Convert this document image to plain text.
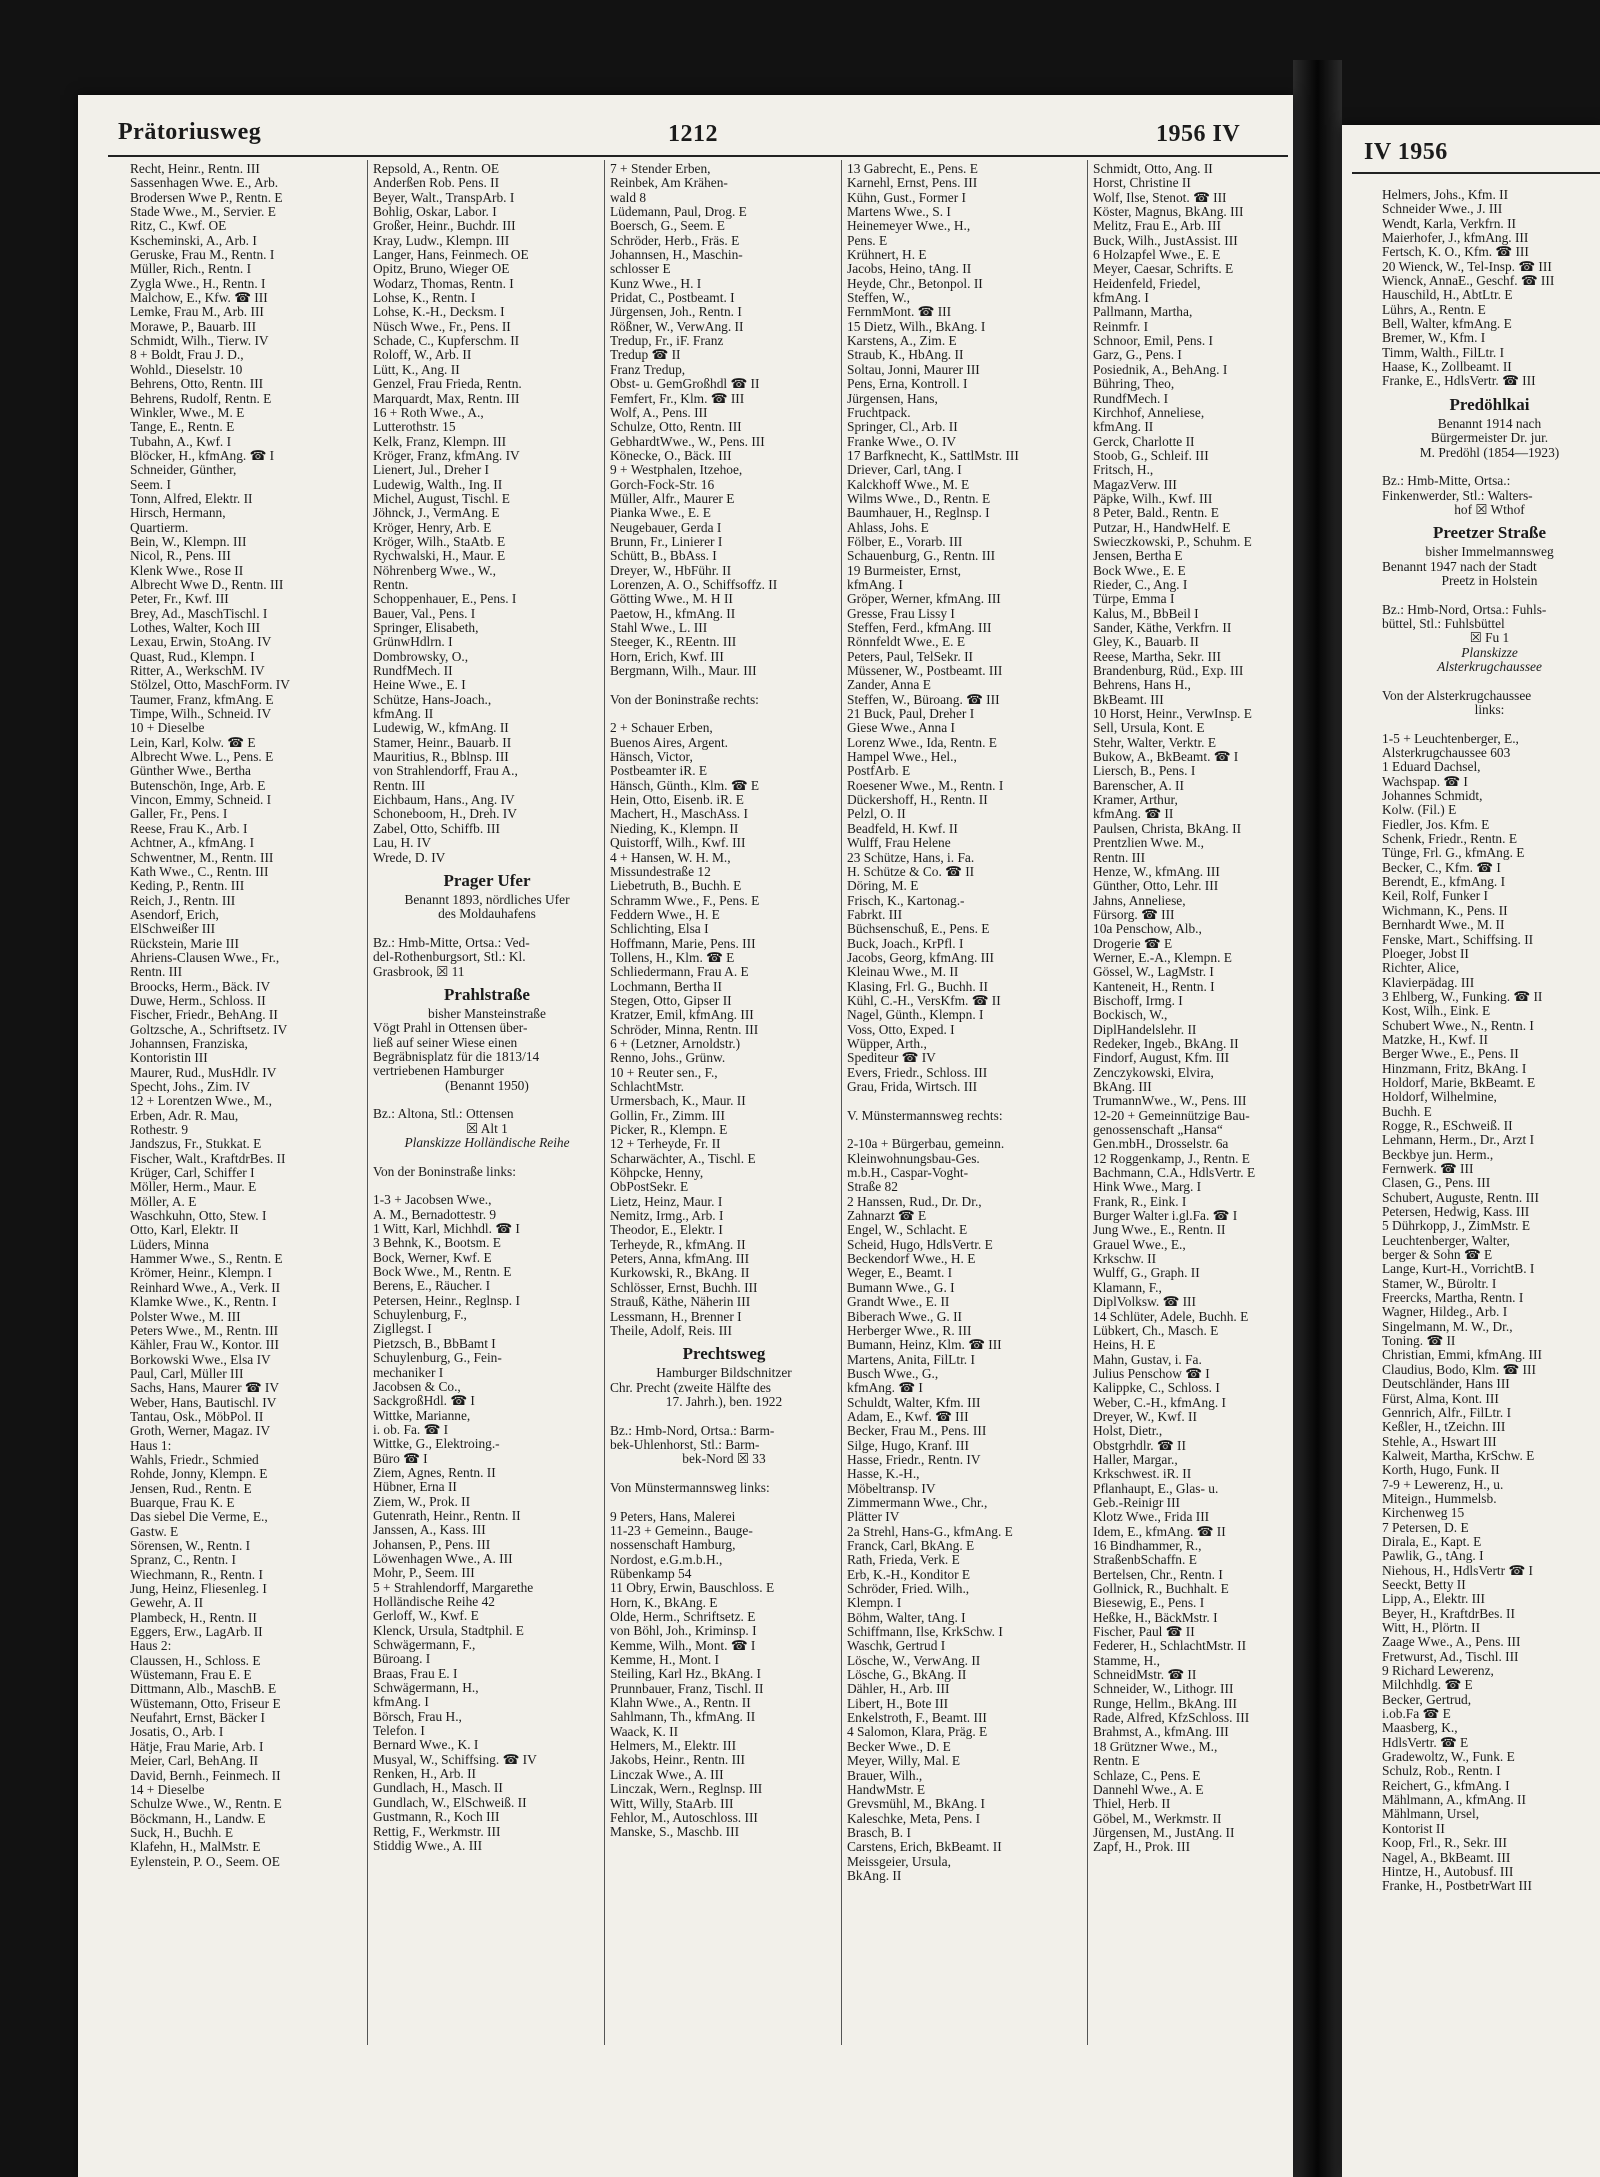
Prätoriusweg	1212	1956 IV
IV 1956
Recht, Heinr., Rentn. III
Sassenhagen Wwe. E., Arb.
Brodersen Wwe P., Rentn. E
Stade Wwe., M., Servier. E
Ritz, C., Kwf. OE
Kscheminski, A., Arb. I
Geruske, Frau M., Rentn. I
Müller, Rich., Rentn. I
Zygla Wwe., H., Rentn. I
Malchow, E., Kfw. ☎ III
Lemke, Frau M., Arb. III
Morawe, P., Bauarb. III
Schmidt, Wilh., Tierw. IV
8 + Boldt, Frau J. D.,
Wohld., Dieselstr. 10
Behrens, Otto, Rentn. III
Behrens, Rudolf, Rentn. E
Winkler, Wwe., M. E
Tange, E., Rentn. E
Tubahn, A., Kwf. I
Blöcker, H., kfmAng. ☎ I
Schneider, Günther,
Seem. I
Tonn, Alfred, Elektr. II
Hirsch, Hermann,
Quartierm.
Bein, W., Klempn. III
Nicol, R., Pens. III
Klenk Wwe., Rose II
Albrecht Wwe D., Rentn. III
Peter, Fr., Kwf. III
Brey, Ad., MaschTischl. I
Lothes, Walter, Koch III
Lexau, Erwin, StoAng. IV
Quast, Rud., Klempn. I
Ritter, A., WerkschM. IV
Stölzel, Otto, MaschForm. IV
Taumer, Franz, kfmAng. E
Timpe, Wilh., Schneid. IV
10 + Dieselbe
Lein, Karl, Kolw. ☎ E
Albrecht Wwe. L., Pens. E
Günther Wwe., Bertha
Butenschön, Inge, Arb. E
Vincon, Emmy, Schneid. I
Galler, Fr., Pens. I
Reese, Frau K., Arb. I
Achtner, A., kfmAng. I
Schwentner, M., Rentn. III
Kath Wwe., C., Rentn. III
Keding, P., Rentn. III
Reich, J., Rentn. III
Asendorf, Erich,
ElSchweißer III
Rückstein, Marie III
Ahriens-Clausen Wwe., Fr.,
Rentn. III
Broocks, Herm., Bäck. IV
Duwe, Herm., Schloss. II
Fischer, Friedr., BehAng. II
Goltzsche, A., Schriftsetz. IV
Johannsen, Franziska,
Kontoristin III
Maurer, Rud., MusHdlr. IV
Specht, Johs., Zim. IV
12 + Lorentzen Wwe., M.,
Erben, Adr. R. Mau,
Rothestr. 9
Jandszus, Fr., Stukkat. E
Fischer, Walt., KraftdrBes. II
Krüger, Carl, Schiffer I
Möller, Herm., Maur. E
Möller, A. E
Waschkuhn, Otto, Stew. I
Otto, Karl, Elektr. II
Lüders, Minna
Hammer Wwe., S., Rentn. E
Krömer, Heinr., Klempn. I
Reinhard Wwe., A., Verk. II
Klamke Wwe., K., Rentn. I
Polster Wwe., M. III
Peters Wwe., M., Rentn. III
Kähler, Frau W., Kontor. III
Borkowski Wwe., Elsa IV
Paul, Carl, Müller III
Sachs, Hans, Maurer ☎ IV
Weber, Hans, Bautischl. IV
Tantau, Osk., MöbPol. II
Groth, Werner, Magaz. IV
Haus 1:
Wahls, Friedr., Schmied
Rohde, Jonny, Klempn. E
Jensen, Rud., Rentn. E
Buarque, Frau K. E
Das siebel Die Verme, E.,
Gastw. E
Sörensen, W., Rentn. I
Spranz, C., Rentn. I
Wiechmann, R., Rentn. I
Jung, Heinz, Fliesenleg. I
Gewehr, A. II
Plambeck, H., Rentn. II
Eggers, Erw., LagArb. II
Haus 2:
Claussen, H., Schloss. E
Wüstemann, Frau E. E
Dittmann, Alb., MaschB. E
Wüstemann, Otto, Friseur E
Neufahrt, Ernst, Bäcker I
Josatis, O., Arb. I
Hätje, Frau Marie, Arb. I
Meier, Carl, BehAng. II
David, Bernh., Feinmech. II
14 + Dieselbe
Schulze Wwe., W., Rentn. E
Böckmann, H., Landw. E
Suck, H., Buchh. E
Klafehn, H., MalMstr. E
Eylenstein, P. O., Seem. OE
Repsold, A., Rentn. OE
Anderßen Rob. Pens. II
Beyer, Walt., TranspArb. I
Bohlig, Oskar, Labor. I
Großer, Heinr., Buchdr. III
Kray, Ludw., Klempn. III
Langer, Hans, Feinmech. OE
Opitz, Bruno, Wieger OE
Wodarz, Thomas, Rentn. I
Lohse, K., Rentn. I
Lohse, K.-H., Decksm. I
Nüsch Wwe., Fr., Pens. II
Schade, C., Kupferschm. II
Roloff, W., Arb. II
Lütt, K., Ang. II
Genzel, Frau Frieda, Rentn.
Marquardt, Max, Rentn. III
16 + Roth Wwe., A.,
Lutterothstr. 15
Kelk, Franz, Klempn. III
Kröger, Franz, kfmAng. IV
Lienert, Jul., Dreher I
Ludewig, Walth., Ing. II
Michel, August, Tischl. E
Jöhnck, J., VermAng. E
Kröger, Henry, Arb. E
Kröger, Wilh., StaAtb. E
Rychwalski, H., Maur. E
Nöhrenberg Wwe., W.,
Rentn.
Schoppenhauer, E., Pens. I
Bauer, Val., Pens. I
Springer, Elisabeth,
GrünwHdlrn. I
Dombrowsky, O.,
RundfMech. II
Heine Wwe., E. I
Schütze, Hans-Joach.,
kfmAng. II
Ludewig, W., kfmAng. II
Stamer, Heinr., Bauarb. II
Mauritius, R., Bblnsp. III
von Strahlendorff, Frau A.,
Rentn. III
Eichbaum, Hans., Ang. IV
Schoneboom, H., Dreh. IV
Zabel, Otto, Schiffb. III
Lau, H. IV
Wrede, D. IV
Prager Ufer
Benannt 1893, nördliches Ufer
des Moldauhafens

Bz.: Hmb-Mitte, Ortsa.: Ved-
del-Rothenburgsort, Stl.: Kl.
Grasbrook, ☒ 11
Prahlstraße
bisher Mansteinstraße
Vögt Prahl in Ottensen über-
ließ auf seiner Wiese einen
Begräbnisplatz für die 1813/14
vertriebenen Hamburger
(Benannt 1950)

Bz.: Altona, Stl.: Ottensen
☒ Alt 1
Planskizze Holländische Reihe

Von der Boninstraße links:

1-3 + Jacobsen Wwe.,
A. M., Bernadottestr. 9
1 Witt, Karl, Michhdl. ☎ I
3 Behnk, K., Bootsm. E
Bock, Werner, Kwf. E
Bock Wwe., M., Rentn. E
Berens, E., Räucher. I
Petersen, Heinr., Reglnsp. I
Schuylenburg, F.,
Zigllegst. I
Pietzsch, B., BbBamt I
Schuylenburg, G., Fein-
mechaniker I
Jacobsen & Co.,
SackgroßHdl. ☎ I
Wittke, Marianne,
i. ob. Fa. ☎ I
Wittke, G., Elektroing.-
Büro ☎ I
Ziem, Agnes, Rentn. II
Hübner, Erna II
Ziem, W., Prok. II
Gutenrath, Heinr., Rentn. II
Janssen, A., Kass. III
Johansen, P., Pens. III
Löwenhagen Wwe., A. III
Mohr, P., Seem. III
5 + Strahlendorff, Margarethe
Holländische Reihe 42
Gerloff, W., Kwf. E
Klenck, Ursula, Stadtphil. E
Schwägermann, F.,
Büroang. I
Braas, Frau E. I
Schwägermann, H.,
kfmAng. I
Börsch, Frau H.,
Telefon. I
Bernard Wwe., K. I
Musyal, W., Schiffsing. ☎ IV
Renken, H., Arb. II
Gundlach, H., Masch. II
Gundlach, W., ElSchweiß. II
Gustmann, R., Koch III
Rettig, F., Werkmstr. III
Stiddig Wwe., A. III
7 + Stender Erben,
Reinbek, Am Krähen-
wald 8
Lüdemann, Paul, Drog. E
Boersch, G., Seem. E
Schröder, Herb., Fräs. E
Johannsen, H., Maschin-
schlosser E
Kunz Wwe., H. I
Pridat, C., Postbeamt. I
Jürgensen, Joh., Rentn. I
Rößner, W., VerwAng. II
Tredup, Fr., iF. Franz
Tredup ☎ II
Franz Tredup,
Obst- u. GemGroßhdl ☎ II
Femfert, Fr., Klm. ☎ III
Wolf, A., Pens. III
Schulze, Otto, Rentn. III
GebhardtWwe., W., Pens. III
Könecke, O., Bäck. III
9 + Westphalen, Itzehoe,
Gorch-Fock-Str. 16
Müller, Alfr., Maurer E
Pianka Wwe., E. E
Neugebauer, Gerda I
Brunn, Fr., Linierer I
Schütt, B., BbAss. I
Dreyer, W., HbFühr. II
Lorenzen, A. O., Schiffsoffz. II
Götting Wwe., M. H II
Paetow, H., kfmAng. II
Stahl Wwe., L. III
Steeger, K., REentn. III
Horn, Erich, Kwf. III
Bergmann, Wilh., Maur. III

Von der Boninstraße rechts:

2 + Schauer Erben,
Buenos Aires, Argent.
Hänsch, Victor,
Postbeamter iR. E
Hänsch, Günth., Klm. ☎ E
Hein, Otto, Eisenb. iR. E
Machert, H., MaschAss. I
Nieding, K., Klempn. II
Quistorff, Wilh., Kwf. III
4 + Hansen, W. H. M.,
Missundestraße 12
Liebetruth, B., Buchh. E
Schramm Wwe., F., Pens. E
Feddern Wwe., H. E
Schlichting, Elsa I
Hoffmann, Marie, Pens. III
Tollens, H., Klm. ☎ E
Schliedermann, Frau A. E
Lochmann, Bertha II
Stegen, Otto, Gipser II
Kratzer, Emil, kfmAng. III
Schröder, Minna, Rentn. III
6 + (Letzner, Arnoldstr.)
Renno, Johs., Grünw.
10 + Reuter sen., F.,
SchlachtMstr.
Urmersbach, K., Maur. II
Gollin, Fr., Zimm. III
Picker, R., Klempn. E
12 + Terheyde, Fr. II
Scharwächter, A., Tischl. E
Köhpcke, Henny,
ObPostSekr. E
Lietz, Heinz, Maur. I
Nemitz, Irmg., Arb. I
Theodor, E., Elektr. I
Terheyde, R., kfmAng. II
Peters, Anna, kfmAng. III
Kurkowski, R., BkAng. II
Schlösser, Ernst, Buchh. III
Strauß, Käthe, Näherin III
Lessmann, H., Brenner I
Theile, Adolf, Reis. III
Prechtsweg
Hamburger Bildschnitzer
Chr. Precht (zweite Hälfte des
17. Jahrh.), ben. 1922

Bz.: Hmb-Nord, Ortsa.: Barm-
bek-Uhlenhorst, Stl.: Barm-
bek-Nord ☒ 33

Von Münstermannsweg links:

9 Peters, Hans, Malerei
11-23 + Gemeinn., Bauge-
nossenschaft Hamburg,
Nordost, e.G.m.b.H.,
Rübenkamp 54
11 Obry, Erwin, Bauschloss. E
Horn, K., BkAng. E
Olde, Herm., Schriftsetz. E
von Böhl, Joh., Kriminsp. I
Kemme, Wilh., Mont. ☎ I
Kemme, H., Mont. I
Steiling, Karl Hz., BkAng. I
Prunnbauer, Franz, Tischl. II
Klahn Wwe., A., Rentn. II
Sahlmann, Th., kfmAng. II
Waack, K. II
Helmers, M., Elektr. III
Jakobs, Heinr., Rentn. III
Linczak Wwe., A. III
Linczak, Wern., Reglnsp. III
Witt, Willy, StaArb. III
Fehlor, M., Autoschloss. III
Manske, S., Maschb. III
13 Gabrecht, E., Pens. E
Karnehl, Ernst, Pens. III
Kühn, Gust., Former I
Martens Wwe., S. I
Heinemeyer Wwe., H.,
Pens. E
Krühnert, H. E
Jacobs, Heino, tAng. II
Heyde, Chr., Betonpol. II
Steffen, W.,
FernmMont. ☎ III
15 Dietz, Wilh., BkAng. I
Karstens, A., Zim. E
Straub, K., HbAng. II
Soltau, Jonni, Maurer III
Pens, Erna, Kontroll. I
Jürgensen, Hans,
Fruchtpack.
Springer, Cl., Arb. II
Franke Wwe., O. IV
17 Barfknecht, K., SattlMstr. III
Driever, Carl, tAng. I
Kalckhoff Wwe., M. E
Wilms Wwe., D., Rentn. E
Baumhauer, H., Reglnsp. I
Ahlass, Johs. E
Fölber, E., Vorarb. III
Schauenburg, G., Rentn. III
19 Burmeister, Ernst,
kfmAng. I
Gröper, Werner, kfmAng. III
Gresse, Frau Lissy I
Steffen, Ferd., kfmAng. III
Rönnfeldt Wwe., E. E
Peters, Paul, TelSekr. II
Müssener, W., Postbeamt. III
Zander, Anna E
Steffen, W., Büroang. ☎ III
21 Buck, Paul, Dreher I
Giese Wwe., Anna I
Lorenz Wwe., Ida, Rentn. E
Hampel Wwe., Hel.,
PostfArb. E
Roesener Wwe., M., Rentn. I
Dückershoff, H., Rentn. II
Pelzl, O. II
Beadfeld, H. Kwf. II
Wulff, Frau Helene
23 Schütze, Hans, i. Fa.
H. Schütze & Co. ☎ II
Döring, M. E
Frisch, K., Kartonag.-
Fabrkt. III
Büchsenschuß, E., Pens. E
Buck, Joach., KrPfl. I
Jacobs, Georg, kfmAng. III
Kleinau Wwe., M. II
Klasing, Frl. G., Buchh. II
Kühl, C.-H., VersKfm. ☎ II
Nagel, Günth., Klempn. I
Voss, Otto, Exped. I
Wüpper, Arth.,
Spediteur ☎ IV
Evers, Friedr., Schloss. III
Grau, Frida, Wirtsch. III

V. Münstermannsweg rechts:

2-10a + Bürgerbau, gemeinn.
Kleinwohnungsbau-Ges.
m.b.H., Caspar-Voght-
Straße 82
2 Hanssen, Rud., Dr. Dr.,
Zahnarzt ☎ E
Engel, W., Schlacht. E
Scheid, Hugo, HdlsVertr. E
Beckendorf Wwe., H. E
Weger, E., Beamt. I
Bumann Wwe., G. I
Grandt Wwe., E. II
Biberach Wwe., G. II
Herberger Wwe., R. III
Bumann, Heinz, Klm. ☎ III
Martens, Anita, FilLtr. I
Busch Wwe., G.,
kfmAng. ☎ I
Schuldt, Walter, Kfm. III
Adam, E., Kwf. ☎ III
Becker, Frau M., Pens. III
Silge, Hugo, Kranf. III
Hasse, Friedr., Rentn. IV
Hasse, K.-H.,
Möbeltransp. IV
Zimmermann Wwe., Chr.,
Plätter IV
2a Strehl, Hans-G., kfmAng. E
Franck, Carl, BkAng. E
Rath, Frieda, Verk. E
Erb, K.-H., Konditor E
Schröder, Fried. Wilh.,
Klempn. I
Böhm, Walter, tAng. I
Schiffmann, Ilse, KrkSchw. I
Waschk, Gertrud I
Lösche, W., VerwAng. II
Lösche, G., BkAng. II
Dähler, H., Arb. III
Libert, H., Bote III
Enkelstroth, F., Beamt. III
4 Salomon, Klara, Präg. E
Becker Wwe., D. E
Meyer, Willy, Mal. E
Brauer, Wilh.,
HandwMstr. E
Grevsmühl, M., BkAng. I
Kaleschke, Meta, Pens. I
Brasch, B. I
Carstens, Erich, BkBeamt. II
Meissgeier, Ursula,
BkAng. II
Schmidt, Otto, Ang. II
Horst, Christine II
Wolf, Ilse, Stenot. ☎ III
Köster, Magnus, BkAng. III
Melitz, Frau E., Arb. III
Buck, Wilh., JustAssist. III
6 Holzapfel Wwe., E. E
Meyer, Caesar, Schrifts. E
Heidenfeld, Friedel,
kfmAng. I
Pallmann, Martha,
Reinmfr. I
Schnoor, Emil, Pens. I
Garz, G., Pens. I
Posiednik, A., BehAng. I
Bühring, Theo,
RundfMech. I
Kirchhof, Anneliese,
kfmAng. II
Gerck, Charlotte II
Stoob, G., Schleif. III
Fritsch, H.,
MagazVerw. III
Päpke, Wilh., Kwf. III
8 Peter, Bald., Rentn. E
Putzar, H., HandwHelf. E
Swieczkowski, P., Schuhm. E
Jensen, Bertha E
Bock Wwe., E. E
Rieder, C., Ang. I
Türpe, Emma I
Kalus, M., BbBeil I
Sander, Käthe, Verkfrn. II
Gley, K., Bauarb. II
Reese, Martha, Sekr. III
Brandenburg, Rüd., Exp. III
Behrens, Hans H.,
BkBeamt. III
10 Horst, Heinr., VerwInsp. E
Sell, Ursula, Kont. E
Stehr, Walter, Verktr. E
Bukow, A., BkBeamt. ☎ I
Liersch, B., Pens. I
Barenscher, A. II
Kramer, Arthur,
kfmAng. ☎ II
Paulsen, Christa, BkAng. II
Prentzlien Wwe. M.,
Rentn. III
Henze, W., kfmAng. III
Günther, Otto, Lehr. III
Jahns, Anneliese,
Fürsorg. ☎ III
10a Penschow, Alb.,
Drogerie ☎ E
Werner, E.-A., Klempn. E
Gössel, W., LagMstr. I
Kanteneit, H., Rentn. I
Bischoff, Irmg. I
Bockisch, W.,
DiplHandelslehr. II
Redeker, Ingeb., BkAng. II
Findorf, August, Kfm. III
Zenczykowski, Elvira,
BkAng. III
TrumannWwe., W., Pens. III
12-20 + Gemeinnützige Bau-
genossenschaft „Hansa“
Gen.mbH., Drosselstr. 6a
12 Roggenkamp, J., Rentn. E
Bachmann, C.A., HdlsVertr. E
Hink Wwe., Marg. I
Frank, R., Eink. I
Burger Walter i.gl.Fa. ☎ I
Jung Wwe., E., Rentn. II
Grauel Wwe., E.,
Krkschw. II
Wulff, G., Graph. II
Klamann, F.,
DiplVolksw. ☎ III
14 Schlüter, Adele, Buchh. E
Lübkert, Ch., Masch. E
Heins, H. E
Mahn, Gustav, i. Fa.
Julius Penschow ☎ I
Kalippke, C., Schloss. I
Weber, C.-H., kfmAng. I
Dreyer, W., Kwf. II
Holst, Dietr.,
Obstgrhdlr. ☎ II
Haller, Margar.,
Krkschwest. iR. II
Pflanhaupt, E., Glas- u.
Geb.-Reinigr III
Klotz Wwe., Frida III
Idem, E., kfmAng. ☎ II
16 Bindhammer, R.,
StraßenbSchaffn. E
Bertelsen, Chr., Rentn. I
Gollnick, R., Buchhalt. E
Biesewig, E., Pens. I
Heßke, H., BäckMstr. I
Fischer, Paul ☎ II
Federer, H., SchlachtMstr. II
Stamme, H.,
SchneidMstr. ☎ II
Schneider, W., Lithogr. III
Runge, Hellm., BkAng. III
Rade, Alfred, KfzSchloss. III
Brahmst, A., kfmAng. III
18 Grützner Wwe., M.,
Rentn. E
Schlaze, C., Pens. E
Dannehl Wwe., A. E
Thiel, Herb. II
Göbel, M., Werkmstr. II
Jürgensen, M., JustAng. II
Zapf, H., Prok. III
Helmers, Johs., Kfm. II
Schneider Wwe., J. III
Wendt, Karla, Verkfrn. II
Maierhofer, J., kfmAng. III
Fertsch, K. O., Kfm. ☎ III
20 Wienck, W., Tel-Insp. ☎ III
Wienck, AnnaE., Geschf. ☎ III
Hauschild, H., AbtLtr. E
Lührs, A., Rentn. E
Bell, Walter, kfmAng. E
Bremer, W., Kfm. I
Timm, Walth., FilLtr. I
Haase, K., Zollbeamt. II
Franke, E., HdlsVertr. ☎ III
Predöhlkai
Benannt 1914 nach
Bürgermeister Dr. jur.
M. Predöhl (1854—1923)

Bz.: Hmb-Mitte, Ortsa.:
Finkenwerder, Stl.: Walters-
hof ☒ Wthof
Preetzer Straße
bisher Immelmannsweg
Benannt 1947 nach der Stadt
Preetz in Holstein

Bz.: Hmb-Nord, Ortsa.: Fuhls-
büttel, Stl.: Fuhlsbüttel
☒ Fu 1
Planskizze
Alsterkrugchaussee

Von der Alsterkrugchaussee
links:

1-5 + Leuchtenberger, E.,
Alsterkrugchaussee 603
1 Eduard Dachsel,
Wachspap. ☎ I
Johannes Schmidt,
Kolw. (Fil.) E
Fiedler, Jos. Kfm. E
Schenk, Friedr., Rentn. E
Tünge, Frl. G., kfmAng. E
Becker, C., Kfm. ☎ I
Berendt, E., kfmAng. I
Keil, Rolf, Funker I
Wichmann, K., Pens. II
Bernhardt Wwe., M. II
Fenske, Mart., Schiffsing. II
Ploeger, Jobst II
Richter, Alice,
Klavierpädag. III
3 Ehlberg, W., Funking. ☎ II
Kost, Wilh., Eink. E
Schubert Wwe., N., Rentn. I
Matzke, H., Kwf. II
Berger Wwe., E., Pens. II
Hinzmann, Fritz, BkAng. I
Holdorf, Marie, BkBeamt. E
Holdorf, Wilhelmine,
Buchh. E
Rogge, R., ESchweiß. II
Lehmann, Herm., Dr., Arzt I
Beckbye jun. Herm.,
Fernwerk. ☎ III
Clasen, G., Pens. III
Schubert, Auguste, Rentn. III
Petersen, Hedwig, Kass. III
5 Dührkopp, J., ZimMstr. E
Leuchtenberger, Walter,
berger & Sohn ☎ E
Lange, Kurt-H., VorrichtB. I
Stamer, W., Büroltr. I
Freercks, Martha, Rentn. I
Wagner, Hildeg., Arb. I
Singelmann, M. W., Dr.,
Toning. ☎ II
Christian, Emmi, kfmAng. III
Claudius, Bodo, Klm. ☎ III
Deutschländer, Hans III
Fürst, Alma, Kont. III
Gennrich, Alfr., FilLtr. I
Keßler, H., tZeichn. III
Stehle, A., Hswart III
Kalweit, Martha, KrSchw. E
Korth, Hugo, Funk. II
7-9 + Lewerenz, H., u.
Miteign., Hummelsb.
Kirchenweg 15
7 Petersen, D. E
Dirala, E., Kapt. E
Pawlik, G., tAng. I
Niehous, H., HdlsVertr ☎ I
Seeckt, Betty II
Lipp, A., Elektr. III
Beyer, H., KraftdrBes. II
Witt, H., Plörtn. II
Zaage Wwe., A., Pens. III
Fretwurst, Ad., Tischl. III
9 Richard Lewerenz,
Milchhdlg. ☎ E
Becker, Gertrud,
i.ob.Fa ☎ E
Maasberg, K.,
HdlsVertr. ☎ E
Gradewoltz, W., Funk. E
Schulz, Rob., Rentn. I
Reichert, G., kfmAng. I
Mählmann, A., kfmAng. II
Mählmann, Ursel,
Kontorist II
Koop, Frl., R., Sekr. III
Nagel, A., BkBeamt. III
Hintze, H., Autobusf. III
Franke, H., PostbetrWart III
